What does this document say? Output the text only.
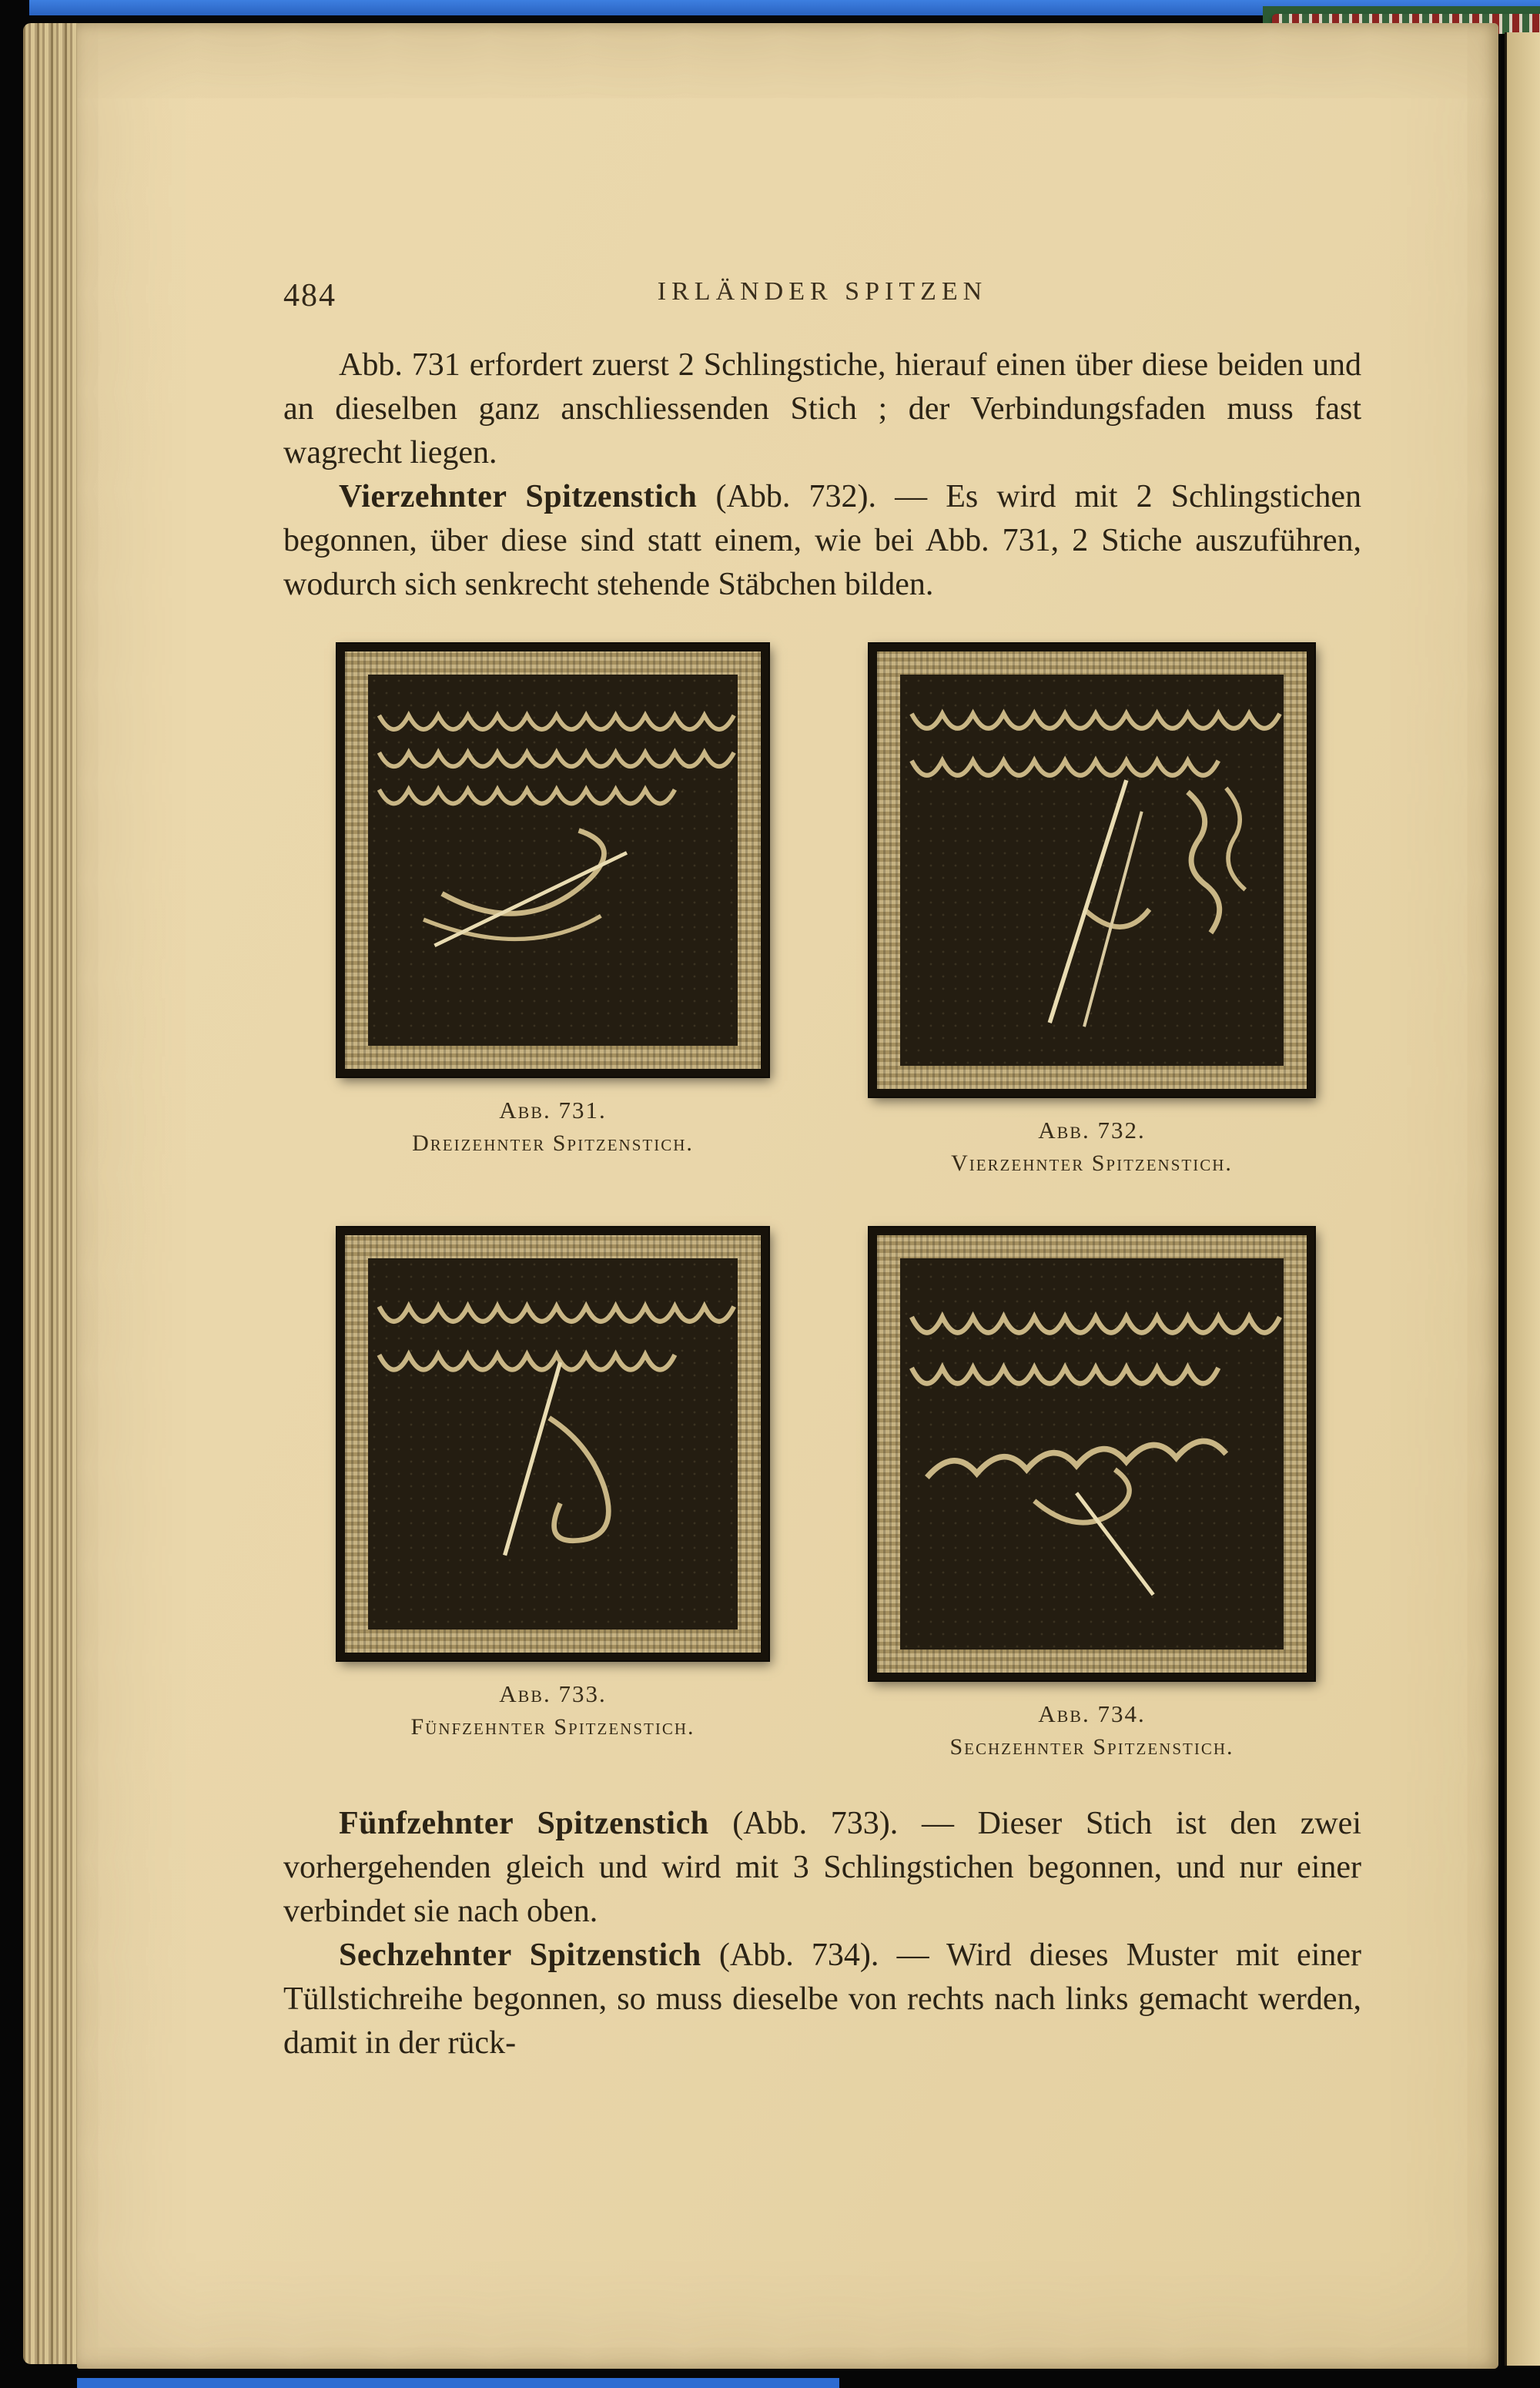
484	IRLÄNDER SPITZEN

Abb. 731 erfordert zuerst 2 Schlingstiche, hierauf einen über diese beiden und an dieselben ganz anschliessenden Stich ; der Verbindungsfaden muss fast wagrecht liegen.

Vierzehnter Spitzenstich (Abb. 732). — Es wird mit 2 Schlingstichen begonnen, über diese sind statt einem, wie bei Abb. 731, 2 Stiche auszuführen, wodurch sich senkrecht stehende Stäbchen bilden.

Abb. 731.
Dreizehnter Spitzenstich.	Abb. 732.
Vierzehnter Spitzenstich.
Abb. 733.
Fünfzehnter Spitzenstich.	Abb. 734.
Sechzehnter Spitzenstich.

Fünfzehnter Spitzenstich (Abb. 733). — Dieser Stich ist den zwei vorhergehenden gleich und wird mit 3 Schlingstichen begonnen, und nur einer verbindet sie nach oben.

Sechzehnter Spitzenstich (Abb. 734). — Wird dieses Muster mit einer Tüllstichreihe begonnen, so muss dieselbe von rechts nach links gemacht werden, damit in der rück-
